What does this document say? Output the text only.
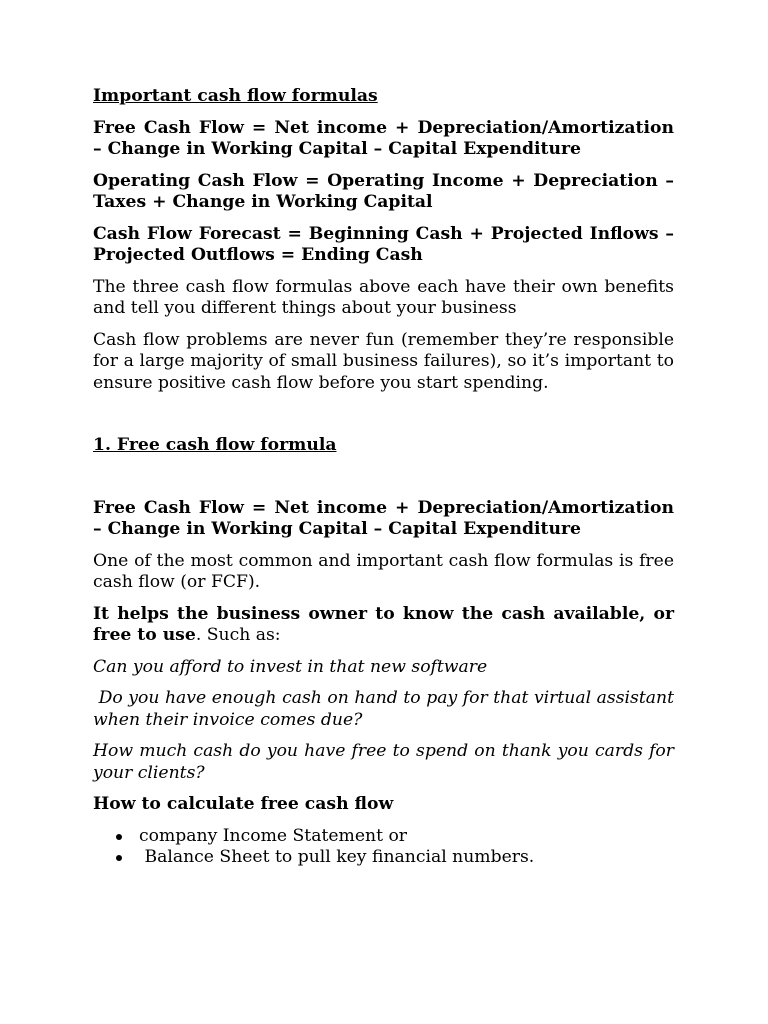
Important cash flow formulas

Free Cash Flow = Net income + Depreciation/Amortization – Change in Working Capital – Capital Expenditure

Operating Cash Flow = Operating Income + Depreciation – Taxes + Change in Working Capital

Cash Flow Forecast = Beginning Cash + Projected Inflows – Projected Outflows = Ending Cash

The three cash flow formulas above each have their own benefits and tell you different things about your business

Cash flow problems are never fun (remember they’re responsible for a large majority of small business failures), so it’s important to ensure positive cash flow before you start spending.

1. Free cash flow formula

Free Cash Flow = Net income + Depreciation/Amortization – Change in Working Capital – Capital Expenditure

One of the most common and important cash flow formulas is free cash flow (or FCF).

It helps the business owner to know the cash available, or free to use. Such as:

Can you afford to invest in that new software

Do you have enough cash on hand to pay for that virtual assistant when their invoice comes due?

How much cash do you have free to spend on thank you cards for your clients?

How to calculate free cash flow

company Income Statement or
Balance Sheet to pull key financial numbers.
